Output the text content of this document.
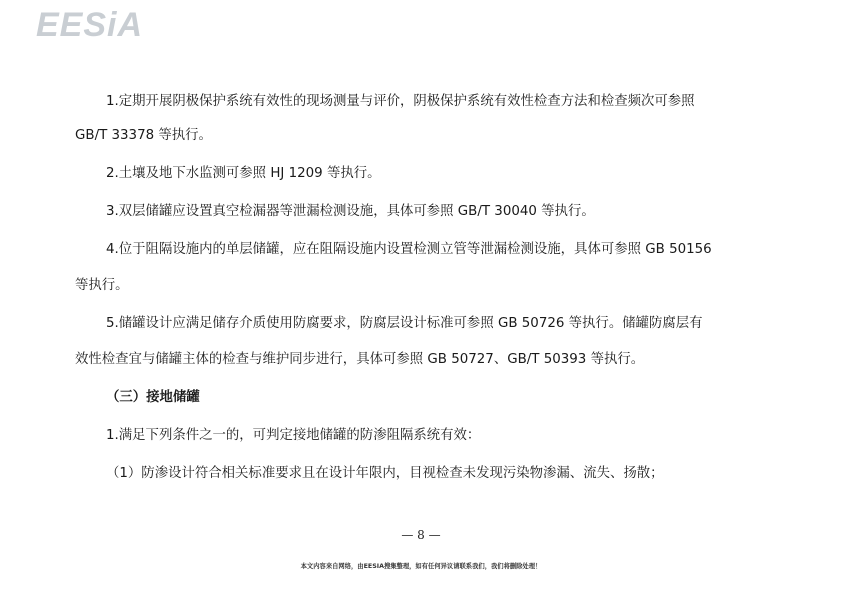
EESiA

1.定期开展阴极保护系统有效性的现场测量与评价，阴极保护系统有效性检查方法和检查频次可参照

GB/T 33378 等执行。

2.土壤及地下水监测可参照 HJ 1209 等执行。

3.双层储罐应设置真空检漏器等泄漏检测设施，具体可参照 GB/T 30040 等执行。

4.位于阻隔设施内的单层储罐，应在阻隔设施内设置检测立管等泄漏检测设施，具体可参照 GB 50156

等执行。

5.储罐设计应满足储存介质使用防腐要求，防腐层设计标准可参照 GB 50726 等执行。储罐防腐层有

效性检查宜与储罐主体的检查与维护同步进行，具体可参照 GB 50727、GB/T 50393 等执行。

（三）接地储罐

1.满足下列条件之一的，可判定接地储罐的防渗阻隔系统有效：

（1）防渗设计符合相关标准要求且在设计年限内，目视检查未发现污染物渗漏、流失、扬散；

— 8 —
本文内容来自网络，由EESIA搜集整理，如有任何异议请联系我们，我们将删除处理！
